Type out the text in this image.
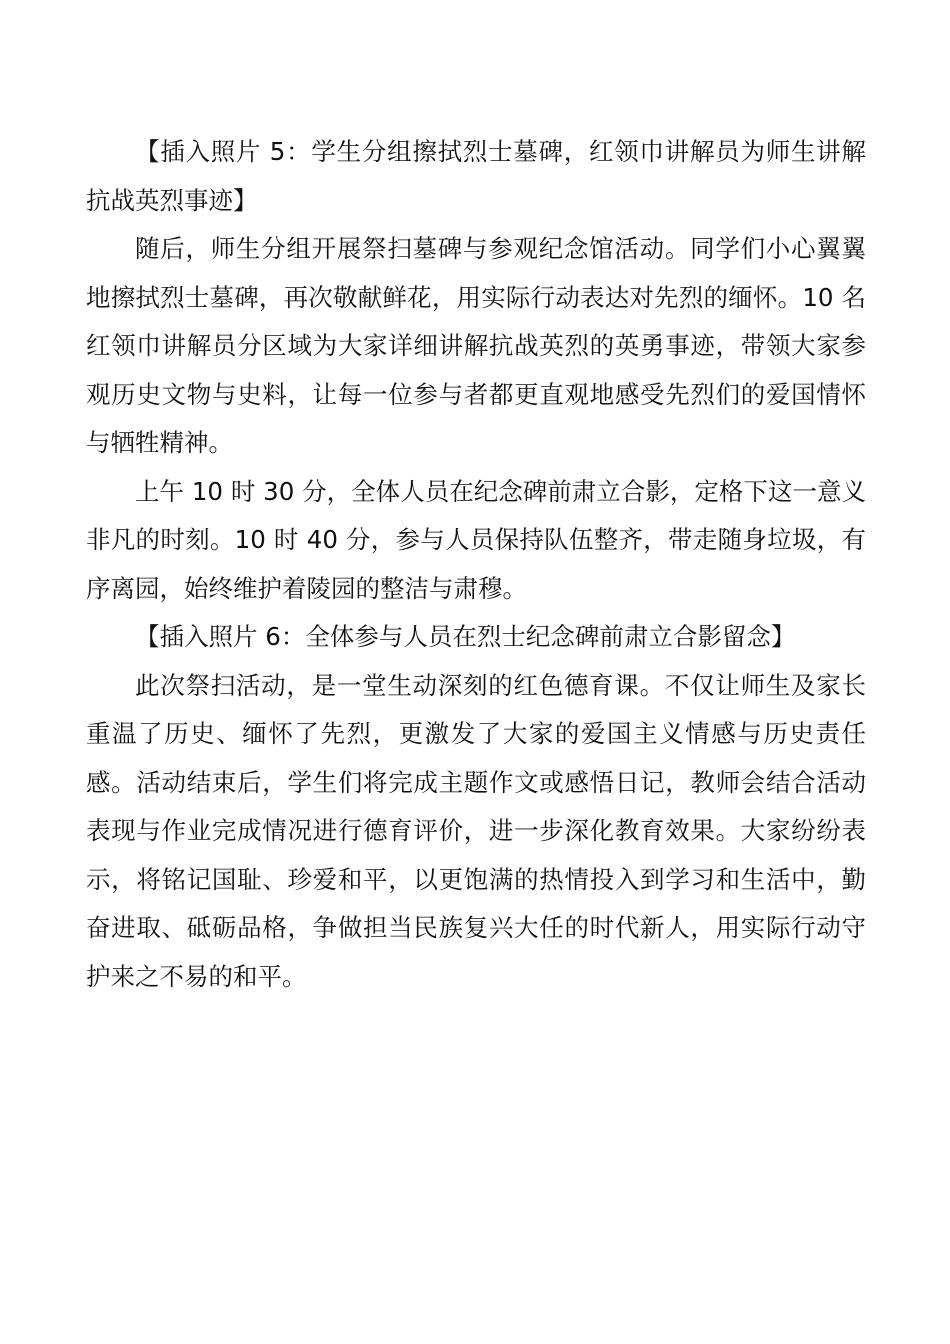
【插入照片 5：学生分组擦拭烈士墓碑，红领巾讲解员为师生讲解抗战英烈事迹】

随后，师生分组开展祭扫墓碑与参观纪念馆活动。同学们小心翼翼地擦拭烈士墓碑，再次敬献鲜花，用实际行动表达对先烈的缅怀。10 名红领巾讲解员分区域为大家详细讲解抗战英烈的英勇事迹，带领大家参观历史文物与史料，让每一位参与者都更直观地感受先烈们的爱国情怀与牺牲精神。

上午 10 时 30 分，全体人员在纪念碑前肃立合影，定格下这一意义非凡的时刻。10 时 40 分，参与人员保持队伍整齐，带走随身垃圾，有序离园，始终维护着陵园的整洁与肃穆。

【插入照片 6：全体参与人员在烈士纪念碑前肃立合影留念】

此次祭扫活动，是一堂生动深刻的红色德育课。不仅让师生及家长重温了历史、缅怀了先烈，更激发了大家的爱国主义情感与历史责任感。活动结束后，学生们将完成主题作文或感悟日记，教师会结合活动表现与作业完成情况进行德育评价，进一步深化教育效果。大家纷纷表示，将铭记国耻、珍爱和平，以更饱满的热情投入到学习和生活中，勤奋进取、砥砺品格，争做担当民族复兴大任的时代新人，用实际行动守护来之不易的和平。
